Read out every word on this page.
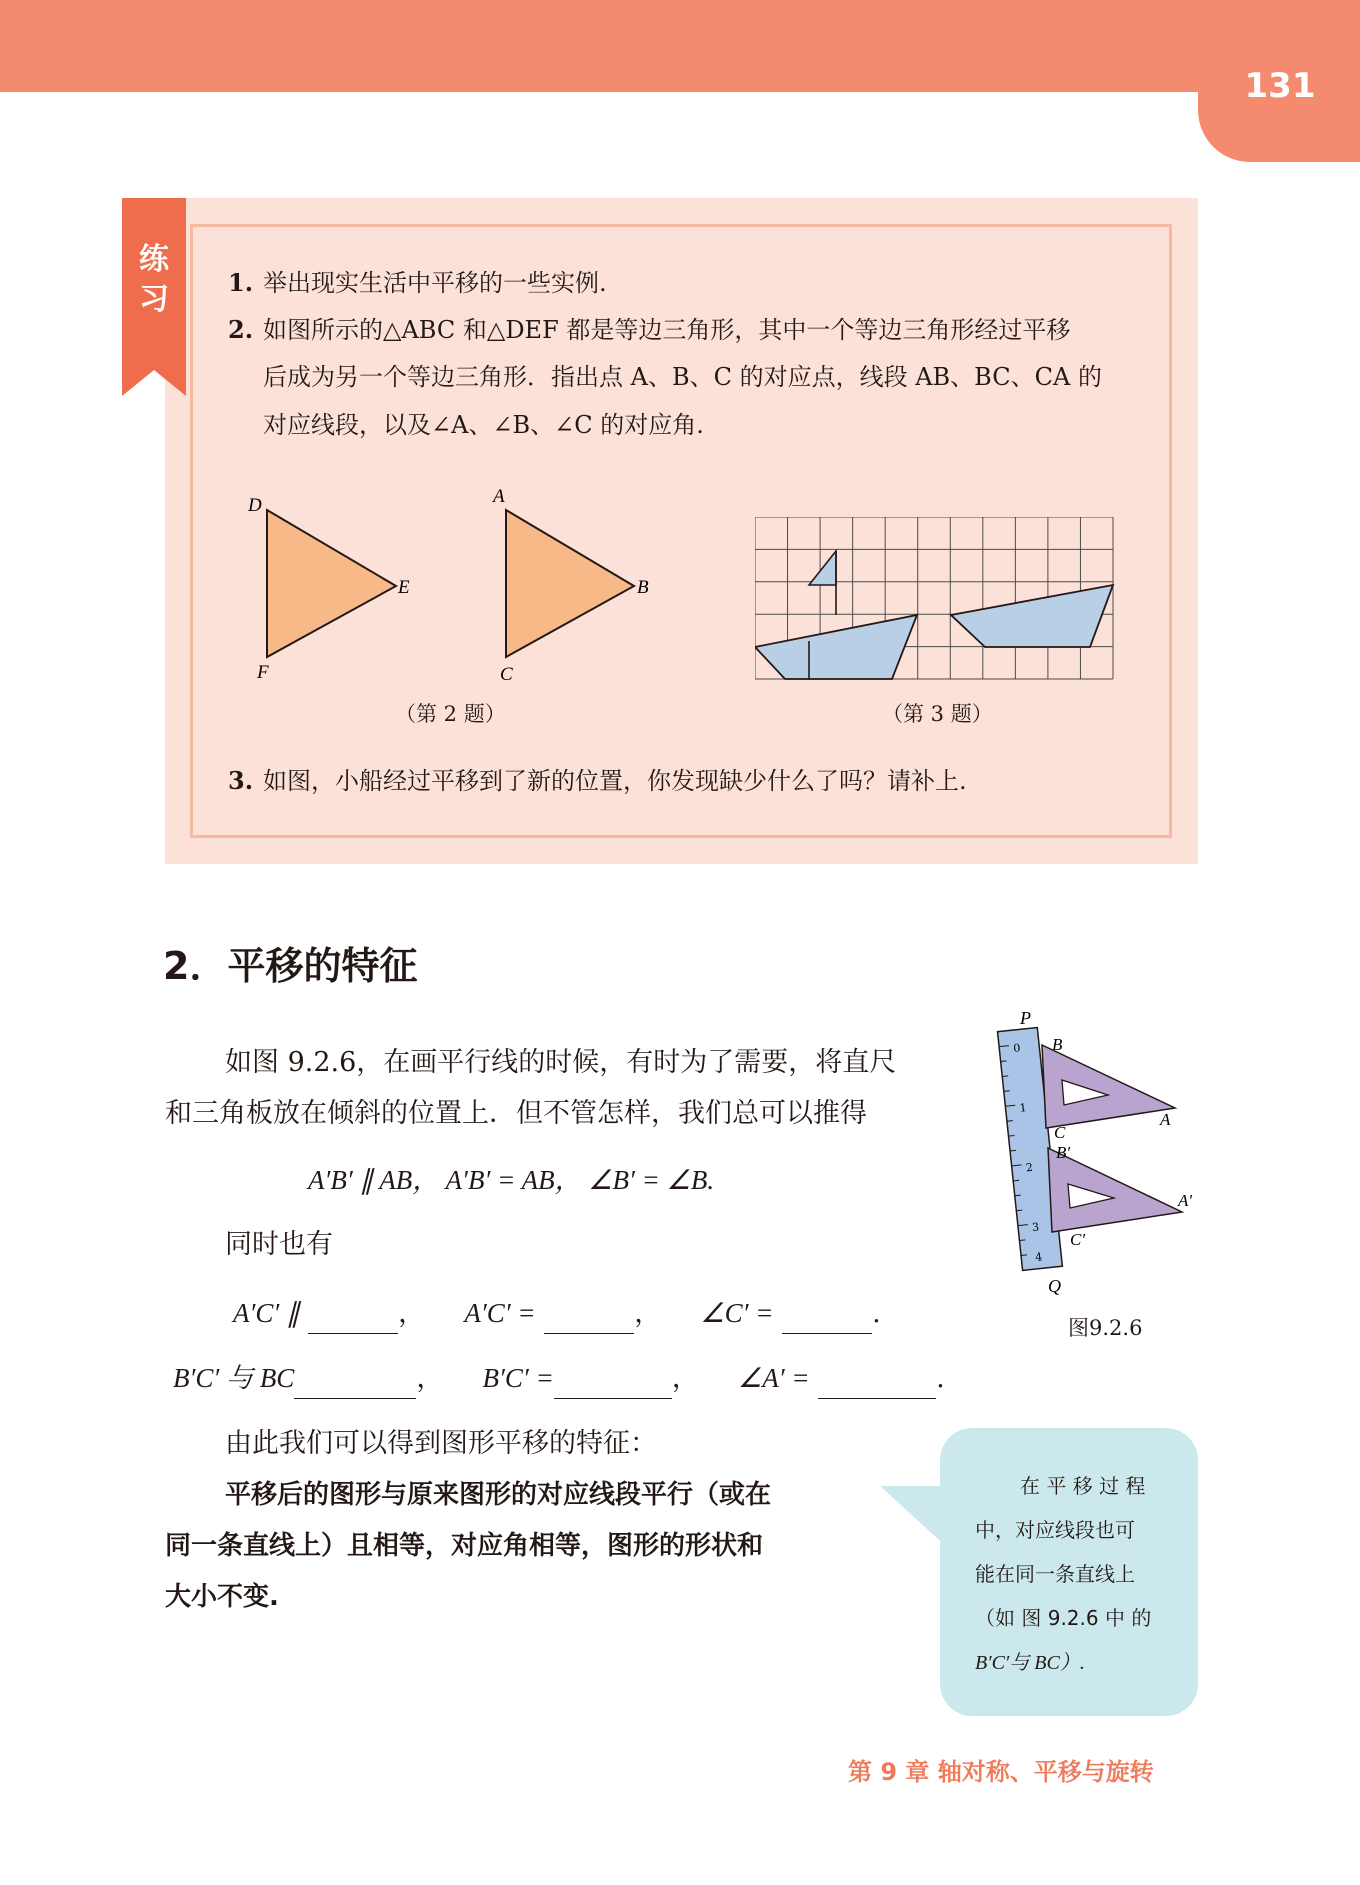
131
练习 1. 举出现实生活中平移的一些实例.
2. 如图所示的△ABC 和△DEF 都是等边三角形，其中一个等边三角形经过平移
后成为另一个等边三角形．指出点 A、B、C 的对应点，线段 AB、BC、CA 的
对应线段，以及∠A、∠B、∠C 的对应角.
D
E
F
A
B
C
（第 2 题）	（第 3 题）
3. 如图，小船经过平移到了新的位置，你发现缺少什么了吗？请补上.
2．平移的特征
如图 9.2.6，在画平行线的时候，有时为了需要，将直尺
和三角板放在倾斜的位置上．但不管怎样，我们总可以推得
A′B′ ∥ AB， A′B′ = AB， ∠B′ = ∠B.
同时也有
A′C′ ∥	， A′C′ =	， ∠C′ =	.
B′C′ 与 BC	， B′C′ =	， ∠A′ =	.
由此我们可以得到图形平移的特征：
平移后的图形与原来图形的对应线段平行（或在
同一条直线上）且相等，对应角相等，图形的形状和
大小不变.
0
1
2
3
4
P
B
A
C
B′
A′
C′
Q
图9.2.6
在 平 移 过 程
中，对应线段也可
能在同一条直线上
（如 图 9.2.6 中 的
B′C′与 BC）.
第 9 章 轴对称、平移与旋转
